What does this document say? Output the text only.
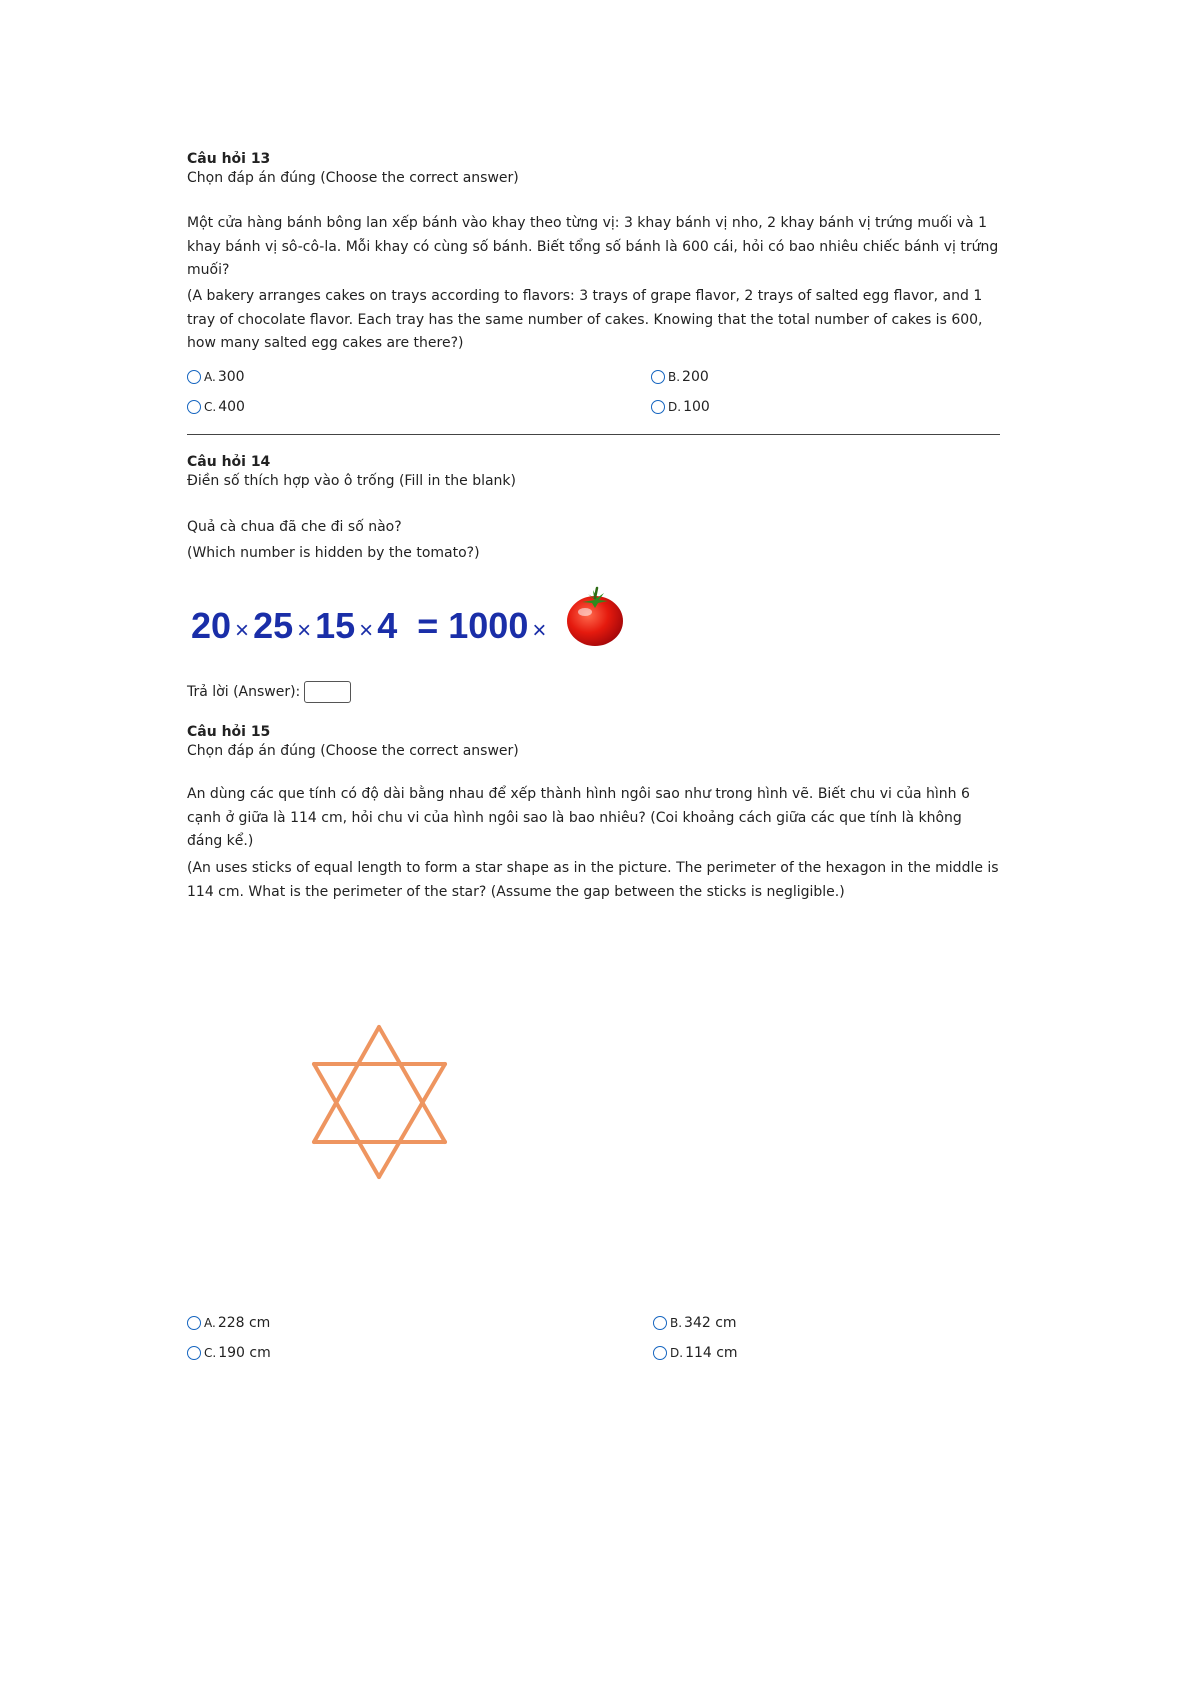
Câu hỏi 13
Chọn đáp án đúng (Choose the correct answer)
Một cửa hàng bánh bông lan xếp bánh vào khay theo từng vị: 3 khay bánh vị nho, 2 khay bánh vị trứng muối và 1 khay bánh vị sô-cô-la. Mỗi khay có cùng số bánh. Biết tổng số bánh là 600 cái, hỏi có bao nhiêu chiếc bánh vị trứng muối?
(A bakery arranges cakes on trays according to flavors: 3 trays of grape flavor, 2 trays of salted egg flavor, and 1 tray of chocolate flavor. Each tray has the same number of cakes. Knowing that the total number of cakes is 600, how many salted egg cakes are there?)
A. 300	B. 200
C. 400	D. 100
Câu hỏi 14
Điền số thích hợp vào ô trống (Fill in the blank)
Quả cà chua đã che đi số nào?
(Which number is hidden by the tomato?)
20 × 25 × 15 × 4 = 1000 ×
Trả lời (Answer):
Câu hỏi 15
Chọn đáp án đúng (Choose the correct answer)
An dùng các que tính có độ dài bằng nhau để xếp thành hình ngôi sao như trong hình vẽ. Biết chu vi của hình 6 cạnh ở giữa là 114 cm, hỏi chu vi của hình ngôi sao là bao nhiêu? (Coi khoảng cách giữa các que tính là không đáng kể.)
(An uses sticks of equal length to form a star shape as in the picture. The perimeter of the hexagon in the middle is 114 cm. What is the perimeter of the star? (Assume the gap between the sticks is negligible.)
A. 228 cm	B. 342 cm
C. 190 cm	D. 114 cm
